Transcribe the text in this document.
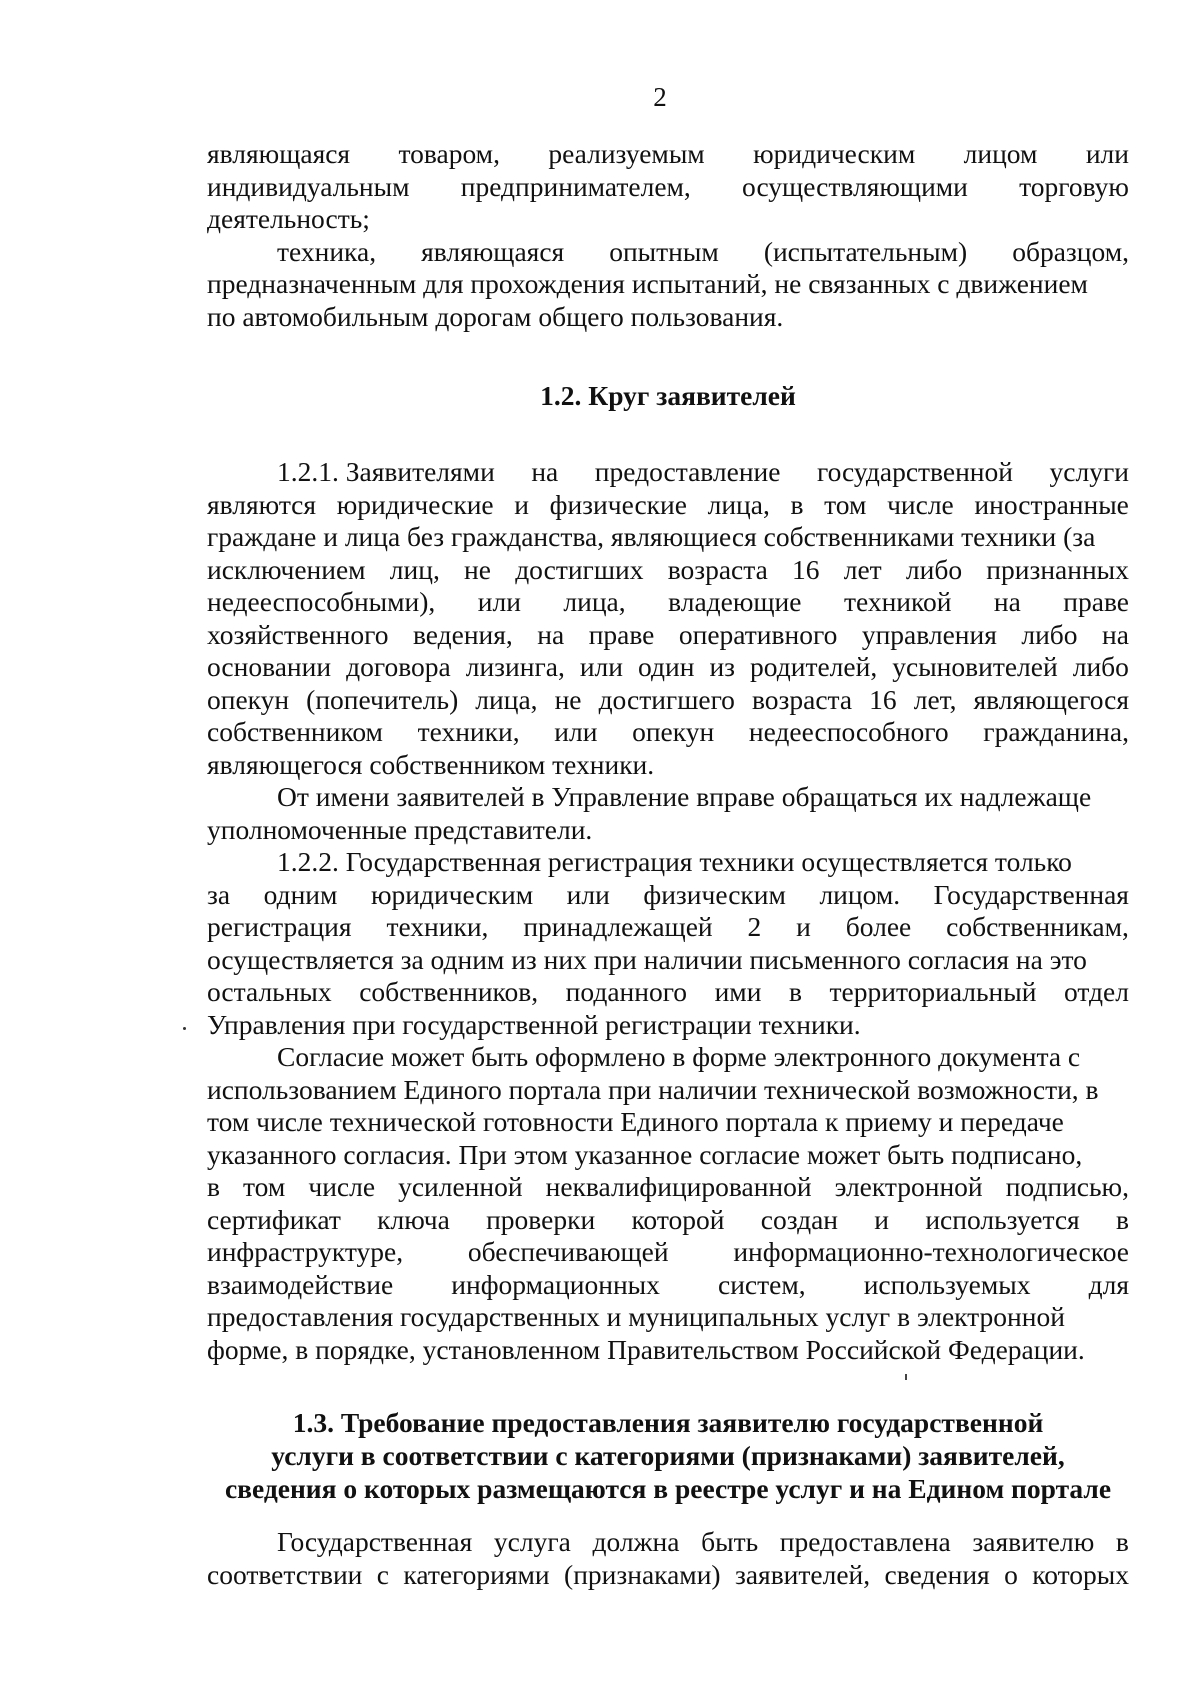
2
являющаяся товаром, реализуемым юридическим лицом или
индивидуальным предпринимателем, осуществляющими торговую
деятельность;
техника, являющаяся опытным (испытательным) образцом,
предназначенным для прохождения испытаний, не связанных с движением
по автомобильным дорогам общего пользования.
1.2. Круг заявителей
1.2.1. Заявителями на предоставление государственной услуги
являются юридические и физические лица, в том числе иностранные
граждане и лица без гражданства, являющиеся собственниками техники (за
исключением лиц, не достигших возраста 16 лет либо признанных
недееспособными), или лица, владеющие техникой на праве
хозяйственного ведения, на праве оперативного управления либо на
основании договора лизинга, или один из родителей, усыновителей либо
опекун (попечитель) лица, не достигшего возраста 16 лет, являющегося
собственником техники, или опекун недееспособного гражданина,
являющегося собственником техники.
От имени заявителей в Управление вправе обращаться их надлежаще
уполномоченные представители.
1.2.2. Государственная регистрация техники осуществляется только
за одним юридическим или физическим лицом. Государственная
регистрация техники, принадлежащей 2 и более собственникам,
осуществляется за одним из них при наличии письменного согласия на это
остальных собственников, поданного ими в территориальный отдел
Управления при государственной регистрации техники.
Согласие может быть оформлено в форме электронного документа с
использованием Единого портала при наличии технической возможности, в
том числе технической готовности Единого портала к приему и передаче
указанного согласия. При этом указанное согласие может быть подписано,
в том числе усиленной неквалифицированной электронной подписью,
сертификат ключа проверки которой создан и используется в
инфраструктуре, обеспечивающей информационно-технологическое
взаимодействие информационных систем, используемых для
предоставления государственных и муниципальных услуг в электронной
форме, в порядке, установленном Правительством Российской Федерации.
1.3. Требование предоставления заявителю государственной
услуги в соответствии с категориями (признаками) заявителей,
сведения о которых размещаются в реестре услуг и на Едином портале
Государственная услуга должна быть предоставлена заявителю в
соответствии с категориями (признаками) заявителей, сведения о которых
